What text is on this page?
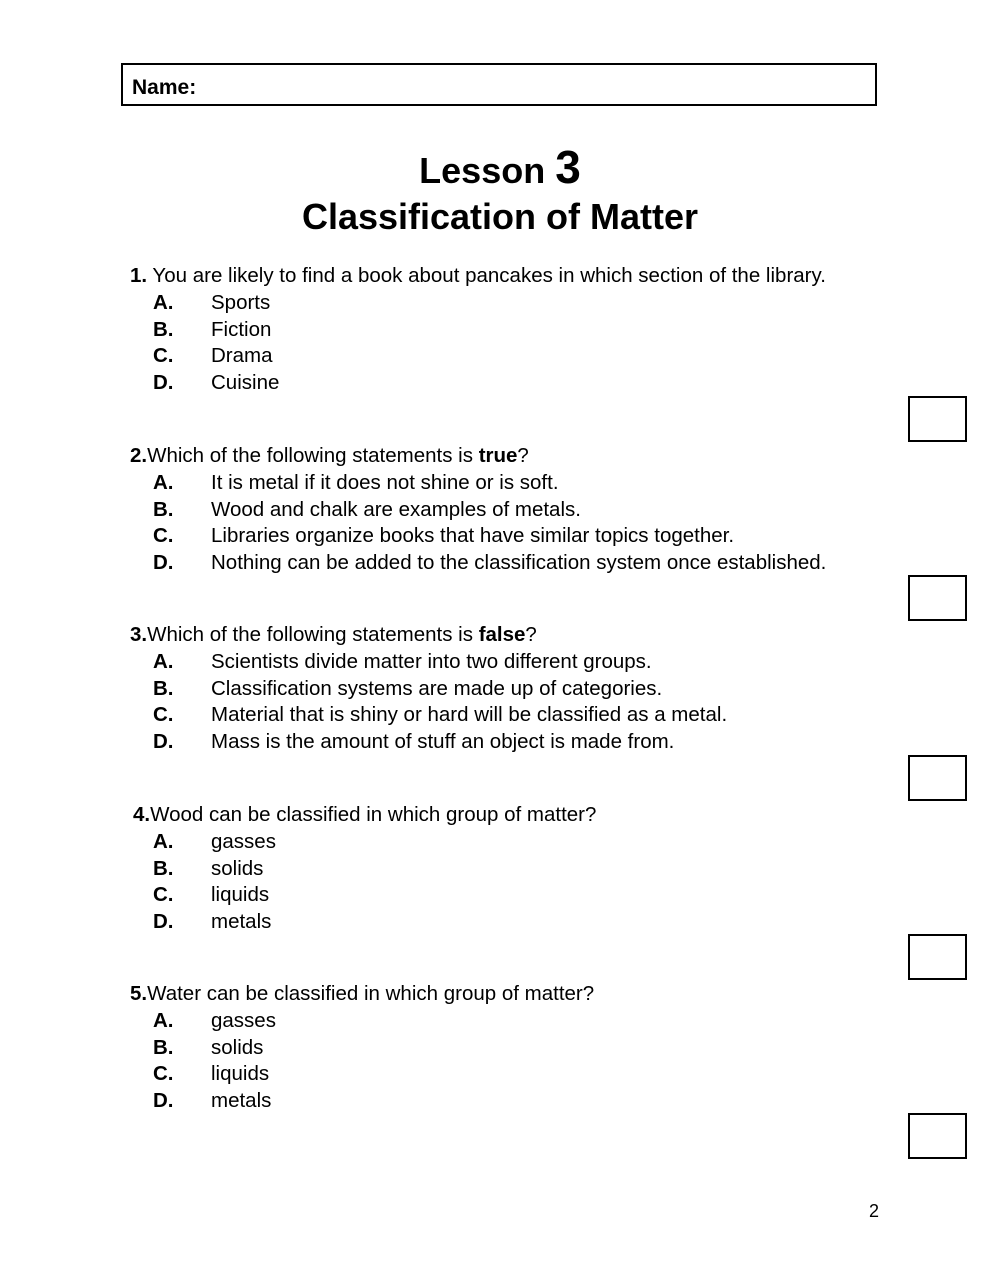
Name:
Lesson 3
Classification of Matter
1. You are likely to find a book about pancakes in which section of the library.
A. Sports
B. Fiction
C. Drama
D. Cuisine
2.Which of the following statements is true?
A. It is metal if it does not shine or is soft.
B. Wood and chalk are examples of metals.
C. Libraries organize books that have similar topics together.
D. Nothing can be added to the classification system once established.
3.Which of the following statements is false?
A. Scientists divide matter into two different groups.
B. Classification systems are made up of categories.
C. Material that is shiny or hard will be classified as a metal.
D. Mass is the amount of stuff an object is made from.
4.Wood can be classified in which group of matter?
A. gasses
B. solids
C. liquids
D. metals
5.Water can be classified in which group of matter?
A. gasses
B. solids
C. liquids
D. metals
2
